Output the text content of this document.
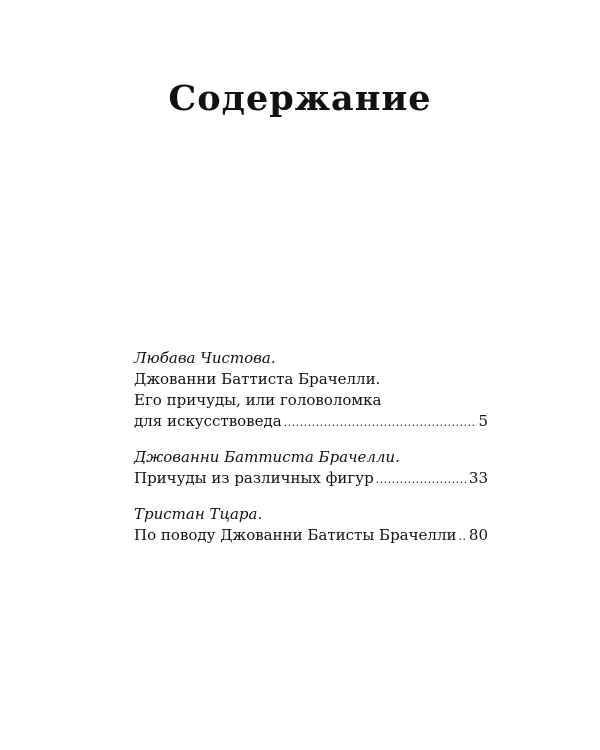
Содержание
Любава Чистова.
Джованни Баттиста Брачелли.
Его причуды, или головоломка
для искусствоведа .....	5
Джованни Баттиста Брачелли.
Причуды из различных фигур .....	33
Тристан Тцара.
По поводу Джованни Батисты Брачелли ..... 80
